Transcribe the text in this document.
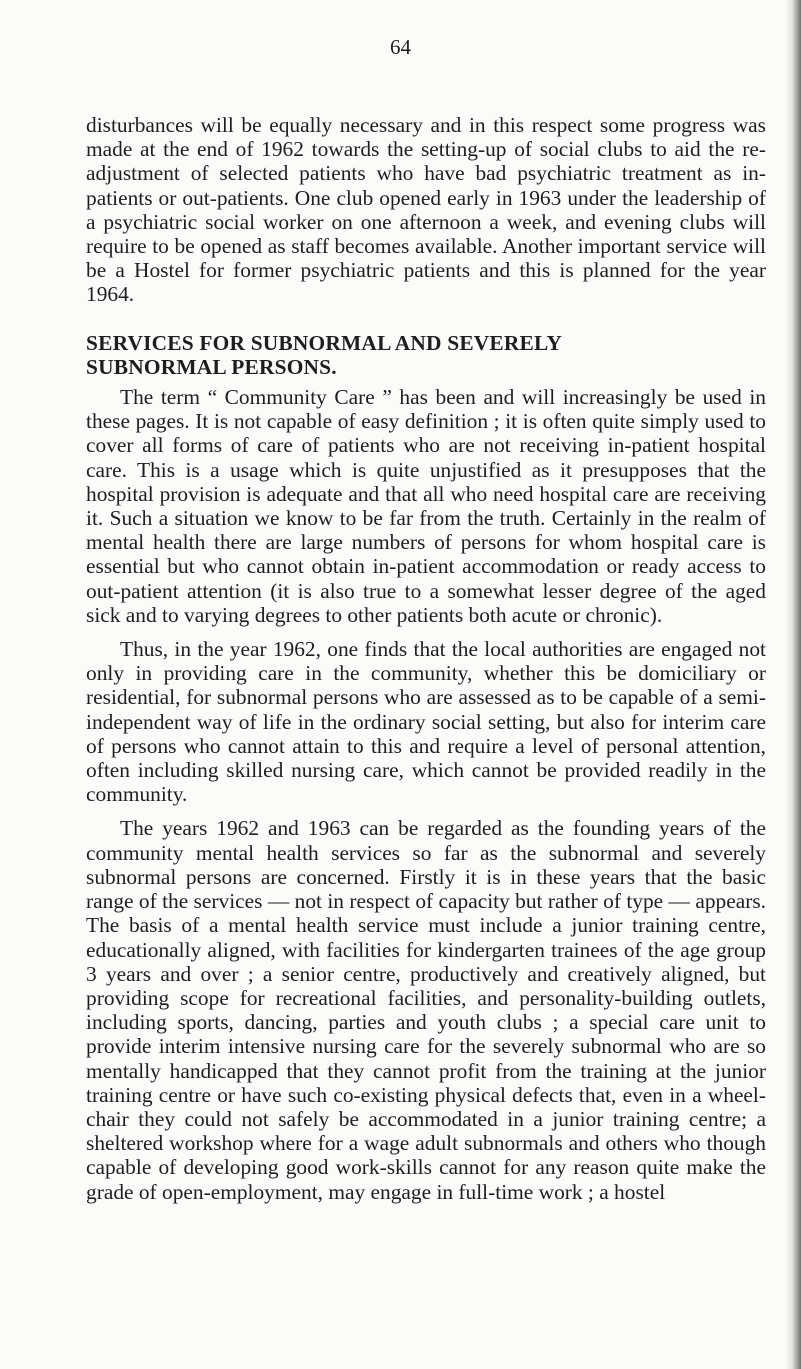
64

disturbances will be equally necessary and in this respect some progress was made at the end of 1962 towards the setting-up of social clubs to aid the re-adjustment of selected patients who have bad psychiatric treatment as in-patients or out-patients. One club opened early in 1963 under the leadership of a psychiatric social worker on one afternoon a week, and evening clubs will require to be opened as staff becomes available. Another important service will be a Hostel for former psychiatric patients and this is planned for the year 1964.

SERVICES FOR SUBNORMAL AND SEVERELY
SUBNORMAL PERSONS.

The term “ Community Care ” has been and will increasingly be used in these pages. It is not capable of easy definition ; it is often quite simply used to cover all forms of care of patients who are not receiving in-patient hospital care. This is a usage which is quite unjustified as it presupposes that the hospital provision is adequate and that all who need hospital care are receiving it. Such a situation we know to be far from the truth. Certainly in the realm of mental health there are large numbers of persons for whom hospital care is essential but who cannot obtain in-patient accommodation or ready access to out-patient attention (it is also true to a somewhat lesser degree of the aged sick and to varying degrees to other patients both acute or chronic).

Thus, in the year 1962, one finds that the local authorities are engaged not only in providing care in the community, whether this be domiciliary or residential, for subnormal persons who are assessed as to be capable of a semi-independent way of life in the ordinary social setting, but also for interim care of persons who cannot attain to this and require a level of personal attention, often including skilled nursing care, which cannot be provided readily in the community.

The years 1962 and 1963 can be regarded as the founding years of the community mental health services so far as the subnormal and severely subnormal persons are concerned. Firstly it is in these years that the basic range of the services — not in respect of capacity but rather of type — appears. The basis of a mental health service must include a junior training centre, educationally aligned, with facilities for kindergarten trainees of the age group 3 years and over ; a senior centre, productively and creatively aligned, but providing scope for recreational facilities, and personality-building outlets, including sports, dancing, parties and youth clubs ; a special care unit to provide interim intensive nursing care for the severely subnormal who are so mentally handicapped that they cannot profit from the training at the junior training centre or have such co-existing physical defects that, even in a wheel-chair they could not safely be accommodated in a junior training centre; a sheltered workshop where for a wage adult subnormals and others who though capable of developing good work-skills cannot for any reason quite make the grade of open-employment, may engage in full-time work ; a hostel
